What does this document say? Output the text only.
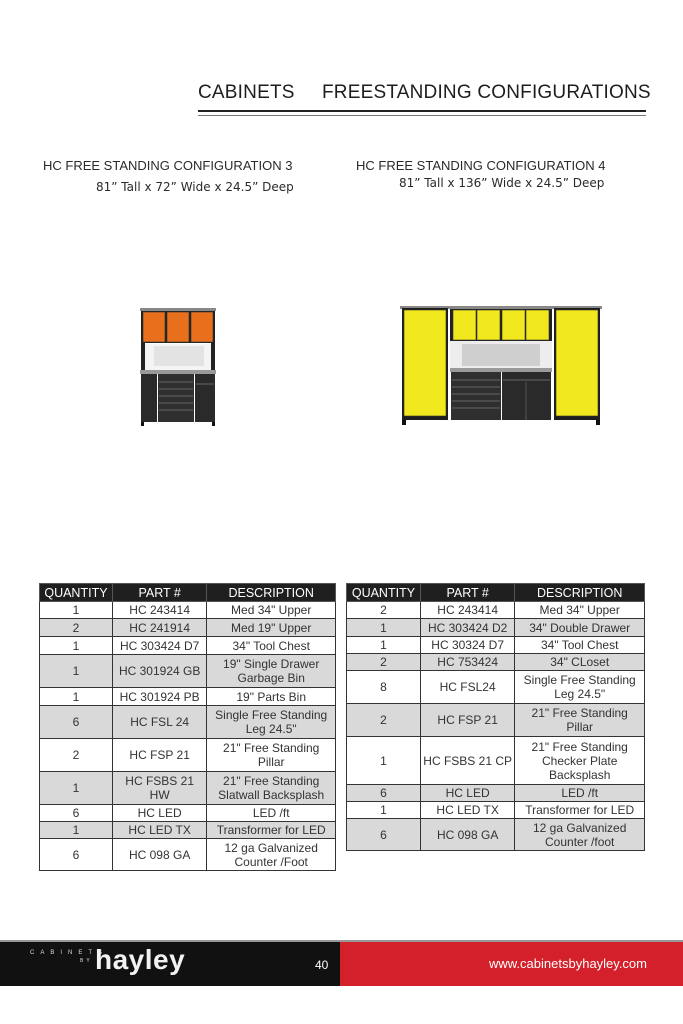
CABINETS FREESTANDING CONFIGURATIONS
HC FREE STANDING CONFIGURATION 3
81” Tall x 72” Wide x 24.5” Deep
HC FREE STANDING CONFIGURATION 4
81” Tall x 136” Wide x 24.5” Deep
QUANTITY	PART #	DESCRIPTION
1	HC 243414	Med 34" Upper
2	HC 241914	Med 19" Upper
1	HC 303424 D7	34" Tool Chest
1	HC 301924 GB	19" Single Drawer Garbage Bin
1	HC 301924 PB	19" Parts Bin
6	HC FSL 24	Single Free Standing Leg 24.5"
2	HC FSP 21	21" Free Standing Pillar
1	HC FSBS 21 HW	21" Free Standing Slatwall Backsplash
6	HC LED	LED /ft
1	HC LED TX	Transformer for LED
6	HC 098 GA	12 ga Galvanized Counter /Foot
QUANTITY	PART #	DESCRIPTION
2	HC 243414	Med 34" Upper
1	HC 303424 D2	34" Double Drawer
1	HC 30324 D7	34" Tool Chest
2	HC 753424	34" CLoset
8	HC FSL24	Single Free Standing Leg 24.5"
2	HC FSP 21	21" Free Standing Pillar
1	HC FSBS 21 CP	21" Free Standing Checker Plate Backsplash
6	HC LED	LED /ft
1	HC LED TX	Transformer for LED
6	HC 098 GA	12 ga Galvanized Counter /foot
CABINETS
BY hayley	40	www.cabinetsbyhayley.com
